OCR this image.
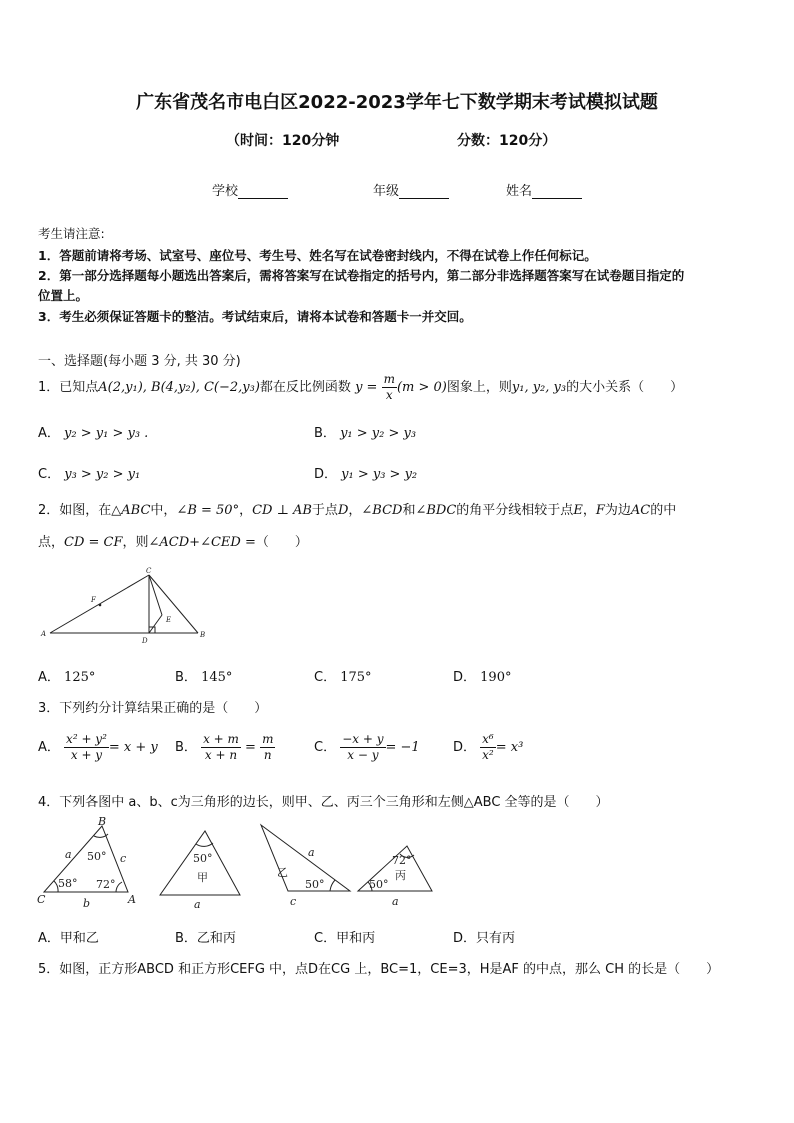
广东省茂名市电白区2022-2023学年七下数学期末考试模拟试题
（时间：120分钟	分数：120分）
学校	年级	姓名
考生请注意:
1．答题前请将考场、试室号、座位号、考生号、姓名写在试卷密封线内，不得在试卷上作任何标记。
2．第一部分选择题每小题选出答案后，需将答案写在试卷指定的括号内，第二部分非选择题答案写在试卷题目指定的
位置上。
3．考生必须保证答题卡的整洁。考试结束后，请将本试卷和答题卡一并交回。
一、选择题(每小题 3 分, 共 30 分)
1．已知点A(2,y₁), B(4,y₂), C(−2,y₃)都在反比例函数 $y = \frac{m}{x} (m > 0)$图象上，则y₁, y₂, y₃的大小关系（　　）
A． y₂ > y₁ > y₃ .	B． y₁ > y₂ > y₃
C． y₃ > y₂ > y₁	D． y₁ > y₃ > y₂
2．如图，在△ABC中，∠B = 50°，CD ⊥ AB于点D，∠BCD和∠BDC的角平分线相较于点E，F为边AC的中
点，CD = CF，则∠ACD+∠CED =（　　）
A	B
C
D
E
F
A． 125°	B． 145°	C． 175°	D． 190°
3．下列约分计算结果正确的是（　　）
A． $\frac{\text{x² + y²}}{x + y} = x + y$ B． $\frac{x + m}{x + n} = \frac{m}{n}$	C． $\frac{-x + y}{x - y} = -1$	D． $\frac{\text{x⁶}}{\text{x²}} = x^3$
4．下列各图中 a、b、c为三角形的边长，则甲、乙、丙三个三角形和左侧△ABC 全等的是（　　）
B
C	A
a
b
c
50°
58° 72°
50°
甲
a
a
乙
50°
c
72°
丙
50°
a
A．甲和乙	B．乙和丙	C．甲和丙	D．只有丙
5．如图，正方形ABCD 和正方形CEFG 中，点D在CG 上，BC=1，CE=3，H是AF 的中点，那么 CH 的长是（　　）
